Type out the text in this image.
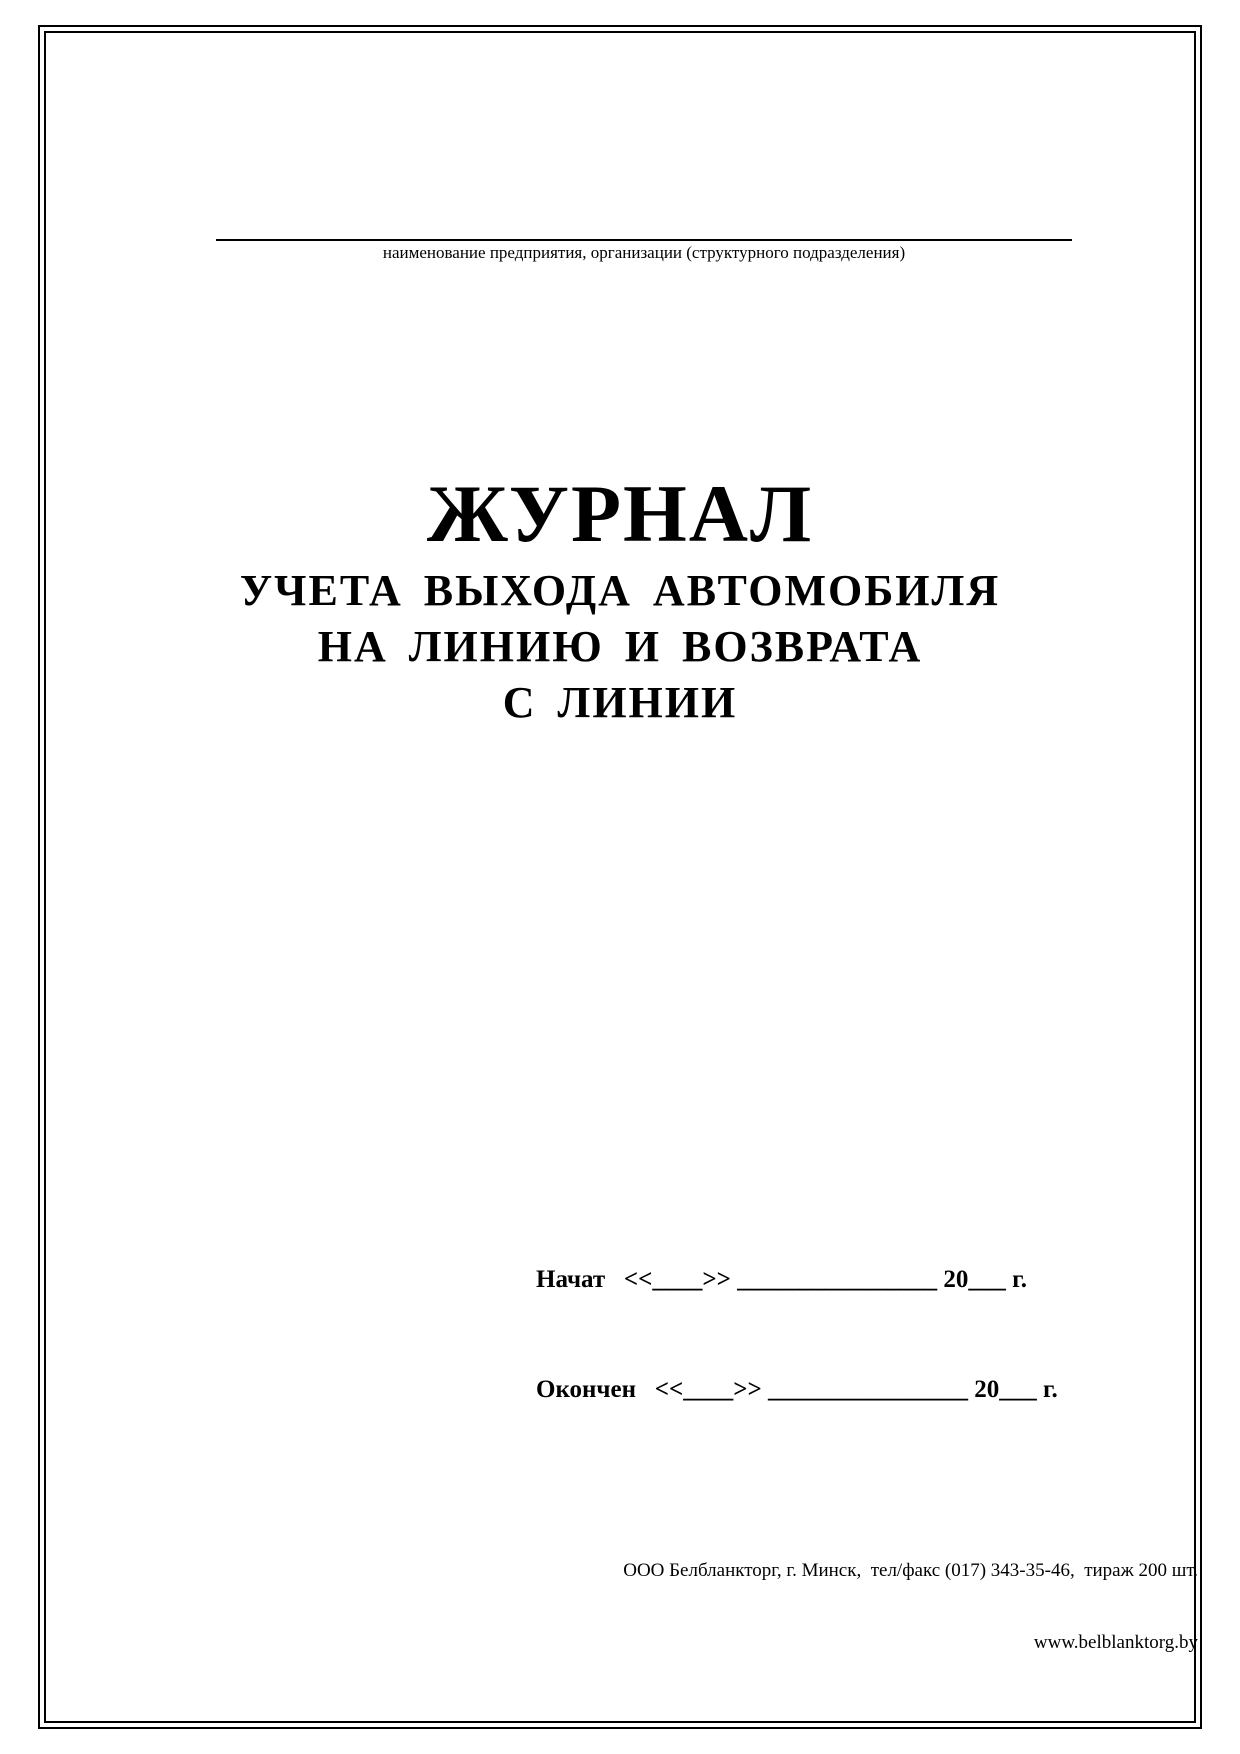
наименование предприятия, организации (структурного подразделения)
ЖУРНАЛ
УЧЕТА ВЫХОДА АВТОМОБИЛЯ
НА ЛИНИЮ И ВОЗВРАТА
С ЛИНИИ
Начат   <<____>> ________________ 20___ г.
Окончен   <<____>> ________________ 20___ г.

ООО Белбланкторг, г. Минск,  тел/факс (017) 343-35-46,  тираж 200 шт.

www.belblanktorg.by
